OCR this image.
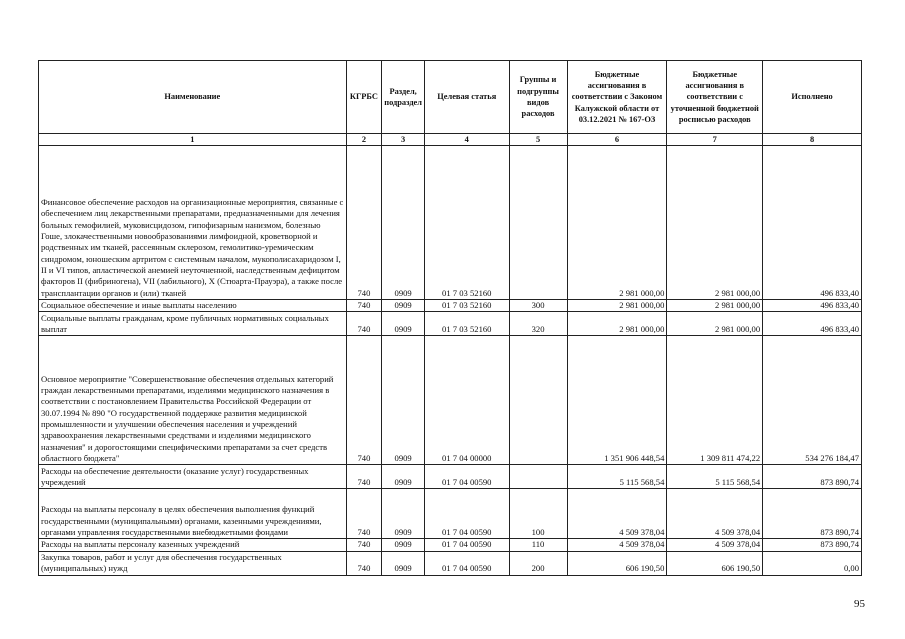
Наименование	КГРБС	Раздел, подраздел	Целевая статья	Группы и подгруппы видов расходов	Бюджетные ассигнования в соответствии с Законом Калужской области от 03.12.2021 № 167-ОЗ	Бюджетные ассигнования в соответствии с уточненной бюджетной росписью расходов	Исполнено
1	2	3	4	5	6	7	8
Финансовое обеспечение расходов на организационные мероприятия, связанные с обеспечением лиц лекарственными препаратами, предназначенными для лечения больных гемофилией, муковисцидозом, гипофизарным нанизмом, болезнью Гоше, злокачественными новообразованиями лимфоидной, кроветворной и родственных им тканей, рассеянным склерозом, гемолитико-уремическим синдромом, юношеским артритом с системным началом, мукополисахаридозом I, II и VI типов, апластической анемией неуточненной, наследственным дефицитом факторов II (фибриногена), VII (лабильного), X (Стюарта-Прауэра), а также после трансплантации органов и (или) тканей	740	0909	01 7 03 52160		2 981 000,00	2 981 000,00	496 833,40
Социальное обеспечение и иные выплаты населению	740	0909	01 7 03 52160	300	2 981 000,00	2 981 000,00	496 833,40
Социальные выплаты гражданам, кроме публичных нормативных социальных выплат	740	0909	01 7 03 52160	320	2 981 000,00	2 981 000,00	496 833,40
Основное мероприятие "Совершенствование обеспечения отдельных категорий граждан лекарственными препаратами, изделиями медицинского назначения в соответствии с постановлением Правительства Российской Федерации от 30.07.1994 № 890 "О государственной поддержке развития медицинской промышленности и улучшении обеспечения населения и учреждений здравоохранения лекарственными средствами и изделиями медицинского назначения" и дорогостоящими специфическими препаратами за счет средств областного бюджета"	740	0909	01 7 04 00000		1 351 906 448,54	1 309 811 474,22	534 276 184,47
Расходы на обеспечение деятельности (оказание услуг) государственных учреждений	740	0909	01 7 04 00590		5 115 568,54	5 115 568,54	873 890,74
Расходы на выплаты персоналу в целях обеспечения выполнения функций государственными (муниципальными) органами, казенными учреждениями, органами управления государственными внебюджетными фондами	740	0909	01 7 04 00590	100	4 509 378,04	4 509 378,04	873 890,74
Расходы на выплаты персоналу казенных учреждений	740	0909	01 7 04 00590	110	4 509 378,04	4 509 378,04	873 890,74
Закупка товаров, работ и услуг для обеспечения государственных (муниципальных) нужд	740	0909	01 7 04 00590	200	606 190,50	606 190,50	0,00
95
